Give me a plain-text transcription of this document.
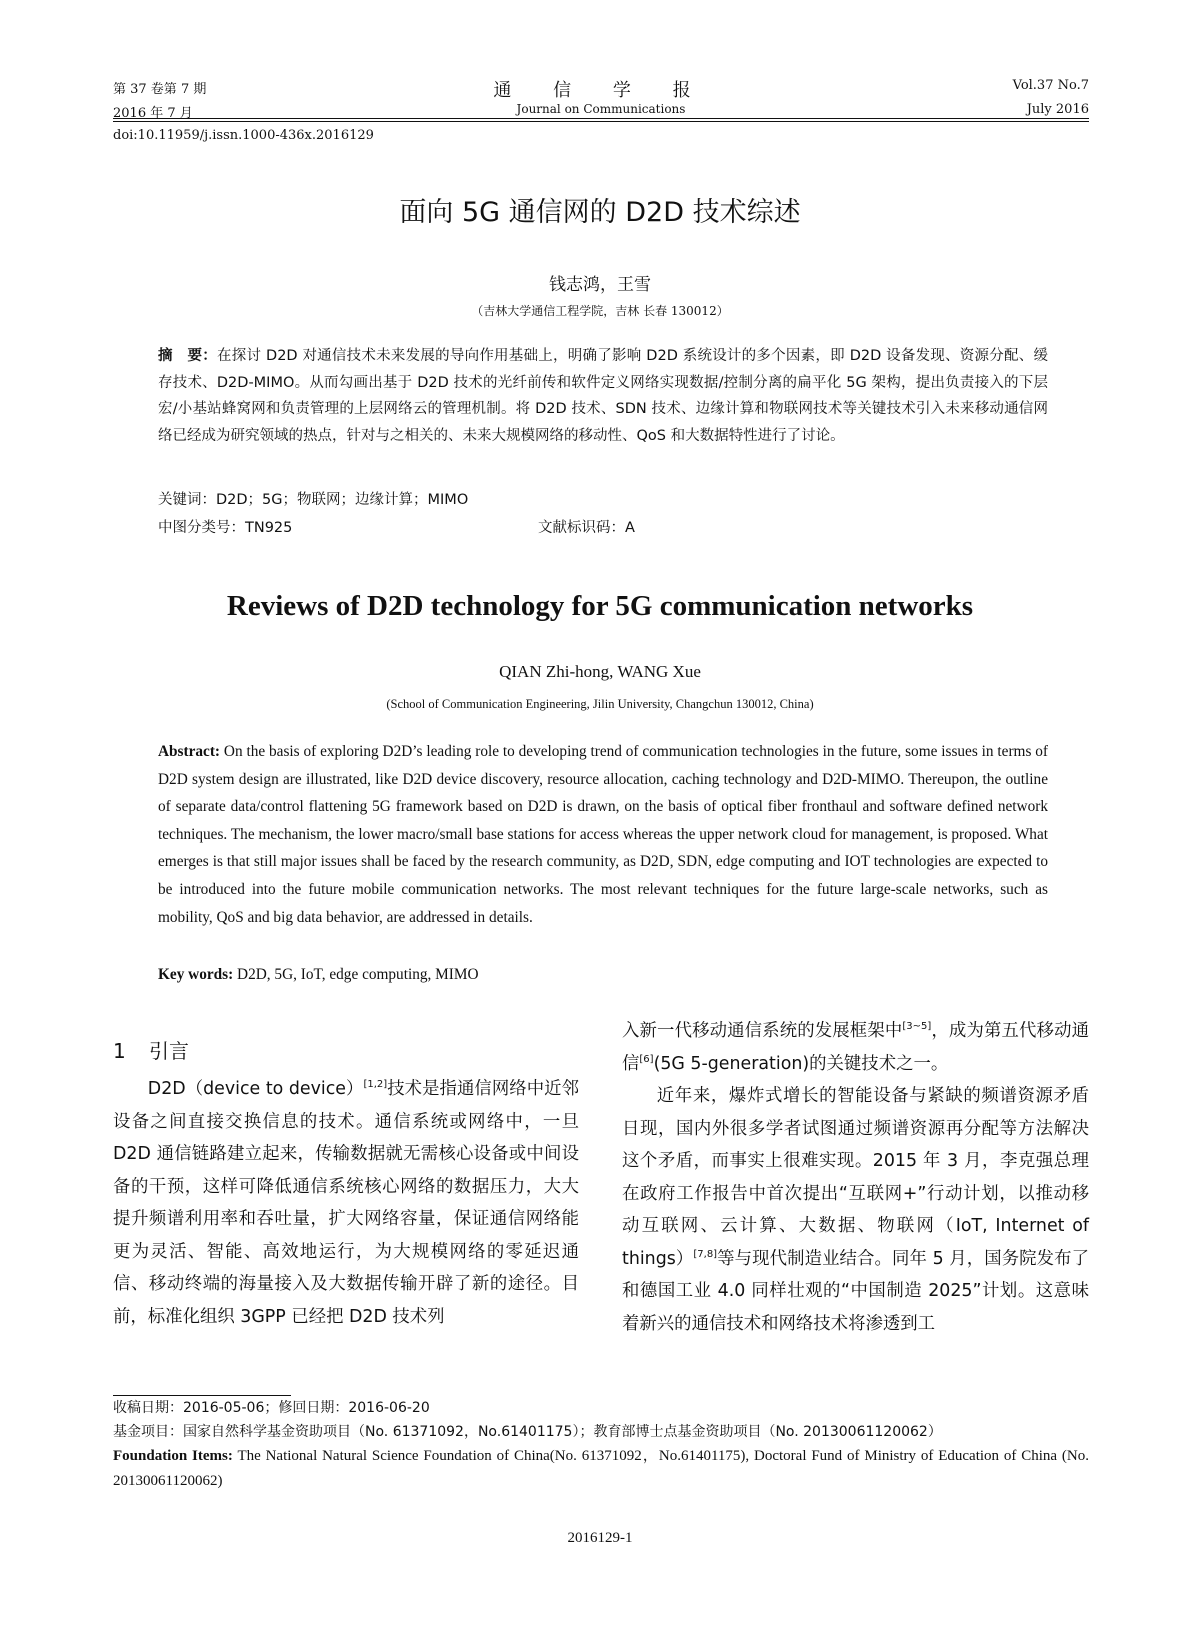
第 37 卷第 7 期
2016 年 7 月
通 信 学 报
Journal on Communications
Vol.37 No.7
July 2016
doi:10.11959/j.issn.1000-436x.2016129
面向 5G 通信网的 D2D 技术综述
钱志鸿，王雪
（吉林大学通信工程学院，吉林 长春 130012）
摘　要：在探讨 D2D 对通信技术未来发展的导向作用基础上，明确了影响 D2D 系统设计的多个因素，即 D2D 设备发现、资源分配、缓存技术、D2D-MIMO。从而勾画出基于 D2D 技术的光纤前传和软件定义网络实现数据/控制分离的扁平化 5G 架构，提出负责接入的下层宏/小基站蜂窝网和负责管理的上层网络云的管理机制。将 D2D 技术、SDN 技术、边缘计算和物联网技术等关键技术引入未来移动通信网络已经成为研究领域的热点，针对与之相关的、未来大规模网络的移动性、QoS 和大数据特性进行了讨论。
关键词：D2D；5G；物联网；边缘计算；MIMO
中图分类号：TN925	文献标识码：A
Reviews of D2D technology for 5G communication networks
QIAN Zhi-hong, WANG Xue
(School of Communication Engineering, Jilin University, Changchun 130012, China)
Abstract: On the basis of exploring D2D’s leading role to developing trend of communication technologies in the future, some issues in terms of D2D system design are illustrated, like D2D device discovery, resource allocation, caching technology and D2D-MIMO. Thereupon, the outline of separate data/control flattening 5G framework based on D2D is drawn, on the basis of optical fiber fronthaul and software defined network techniques. The mechanism, the lower macro/small base stations for access whereas the upper network cloud for management, is proposed. What emerges is that still major issues shall be faced by the research community, as D2D, SDN, edge computing and IOT technologies are expected to be introduced into the future mobile communication networks. The most relevant techniques for the future large-scale networks, such as mobility, QoS and big data behavior, are addressed in details.
Key words: D2D, 5G, IoT, edge computing, MIMO
1 引言

D2D（device to device）[1,2]技术是指通信网络中近邻设备之间直接交换信息的技术。通信系统或网络中，一旦 D2D 通信链路建立起来，传输数据就无需核心设备或中间设备的干预，这样可降低通信系统核心网络的数据压力，大大提升频谱利用率和吞吐量，扩大网络容量，保证通信网络能更为灵活、智能、高效地运行，为大规模网络的零延迟通信、移动终端的海量接入及大数据传输开辟了新的途径。目前，标准化组织 3GPP 已经把 D2D 技术列

入新一代移动通信系统的发展框架中[3~5]，成为第五代移动通信[6](5G 5-generation)的关键技术之一。

近年来，爆炸式增长的智能设备与紧缺的频谱资源矛盾日现，国内外很多学者试图通过频谱资源再分配等方法解决这个矛盾，而事实上很难实现。2015 年 3 月，李克强总理在政府工作报告中首次提出“互联网+”行动计划，以推动移动互联网、云计算、大数据、物联网（IoT, Internet of things）[7,8]等与现代制造业结合。同年 5 月，国务院发布了和德国工业 4.0 同样壮观的“中国制造 2025”计划。这意味着新兴的通信技术和网络技术将渗透到工

收稿日期：2016-05-06；修回日期：2016-06-20
基金项目：国家自然科学基金资助项目（No. 61371092，No.61401175）；教育部博士点基金资助项目（No. 20130061120062）
Foundation Items: The National Natural Science Foundation of China(No. 61371092，No.61401175), Doctoral Fund of Ministry of Education of China (No. 20130061120062)
2016129-1
